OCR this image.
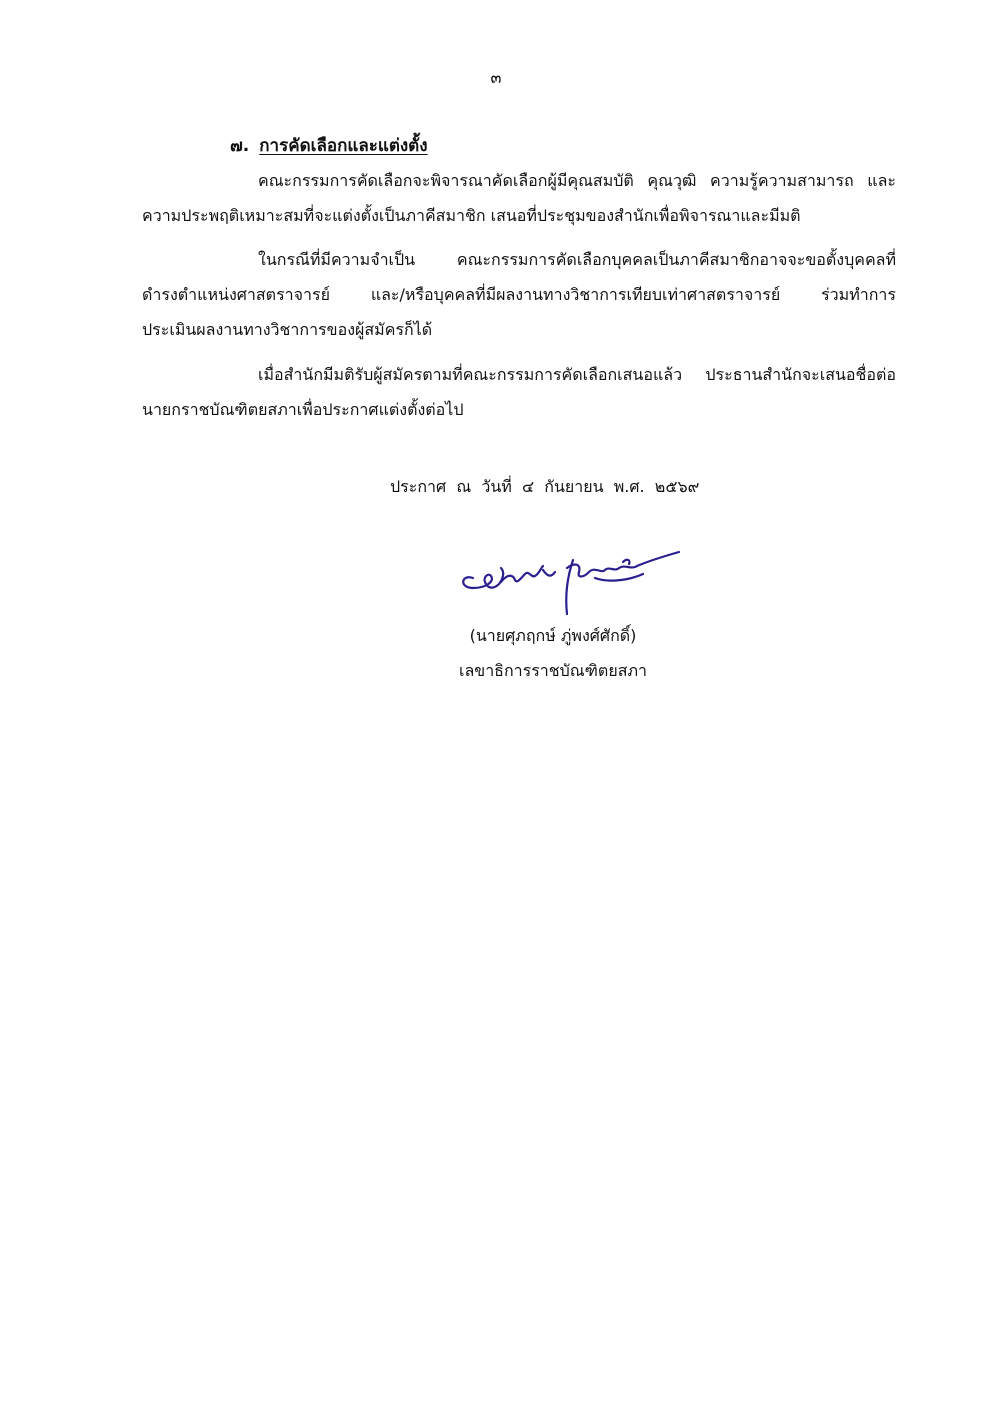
๓
๗. การคัดเลือกและแต่งตั้ง
คณะกรรมการคัดเลือกจะพิจารณาคัดเลือกผู้มีคุณสมบัติ คุณวุฒิ ความรู้ความสามารถ และ
ความประพฤติเหมาะสมที่จะแต่งตั้งเป็นภาคีสมาชิก เสนอที่ประชุมของสำนักเพื่อพิจารณาและมีมติ
ในกรณีที่มีความจำเป็น คณะกรรมการคัดเลือกบุคคลเป็นภาคีสมาชิกอาจจะขอตั้งบุคคลที่
ดำรงตำแหน่งศาสตราจารย์ และ/หรือบุคคลที่มีผลงานทางวิชาการเทียบเท่าศาสตราจารย์ ร่วมทำการ
ประเมินผลงานทางวิชาการของผู้สมัครก็ได้
เมื่อสำนักมีมติรับผู้สมัครตามที่คณะกรรมการคัดเลือกเสนอแล้ว ประธานสำนักจะเสนอชื่อต่อ
นายกราชบัณฑิตยสภาเพื่อประกาศแต่งตั้งต่อไป
ประกาศ  ณ  วันที่  ๔  กันยายน  พ.ศ.  ๒๕๖๙
(นายศุภฤกษ์ ภู่พงศ์ศักดิ์)
เลขาธิการราชบัณฑิตยสภา
